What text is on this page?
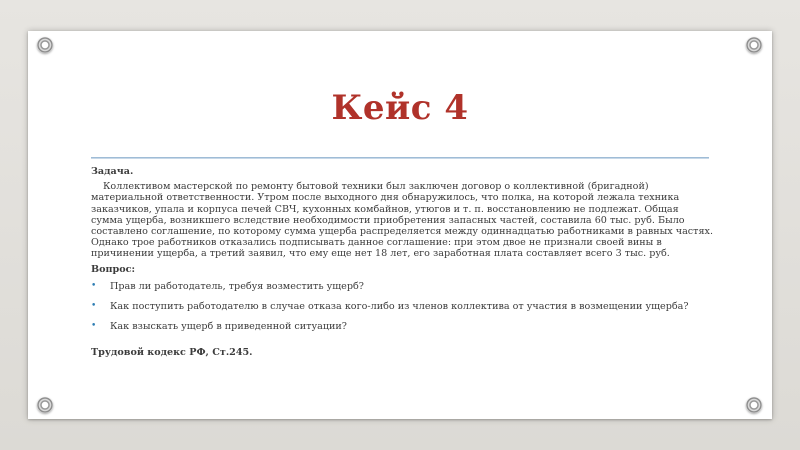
Кейс 4

Задача.

Коллективом мастерской по ремонту бытовой техники был заключен договор о коллективной (бригадной) материальной ответственности. Утром после выходного дня обнаружилось, что полка, на которой лежала техника заказчиков, упала и корпуса печей СВЧ, кухонных комбайнов, утюгов и т. п. восстановлению не подлежат. Общая сумма ущерба, возникшего вследствие необходимости приобретения запасных частей, составила 60 тыс. руб. Было составлено соглашение, по которому сумма ущерба распределяется между одиннадцатью работниками в равных частях. Однако трое работников отказались подписывать данное соглашение: при этом двое не признали своей вины в причинении ущерба, а третий заявил, что ему еще нет 18 лет, его заработная плата составляет всего 3 тыс. руб.

Вопрос:

• Прав ли работодатель, требуя возместить ущерб?
• Как поступить работодателю в случае отказа кого-либо из членов коллектива от участия в возмещении ущерба?
• Как взыскать ущерб в приведенной ситуации?

Трудовой кодекс РФ, Ст.245.
